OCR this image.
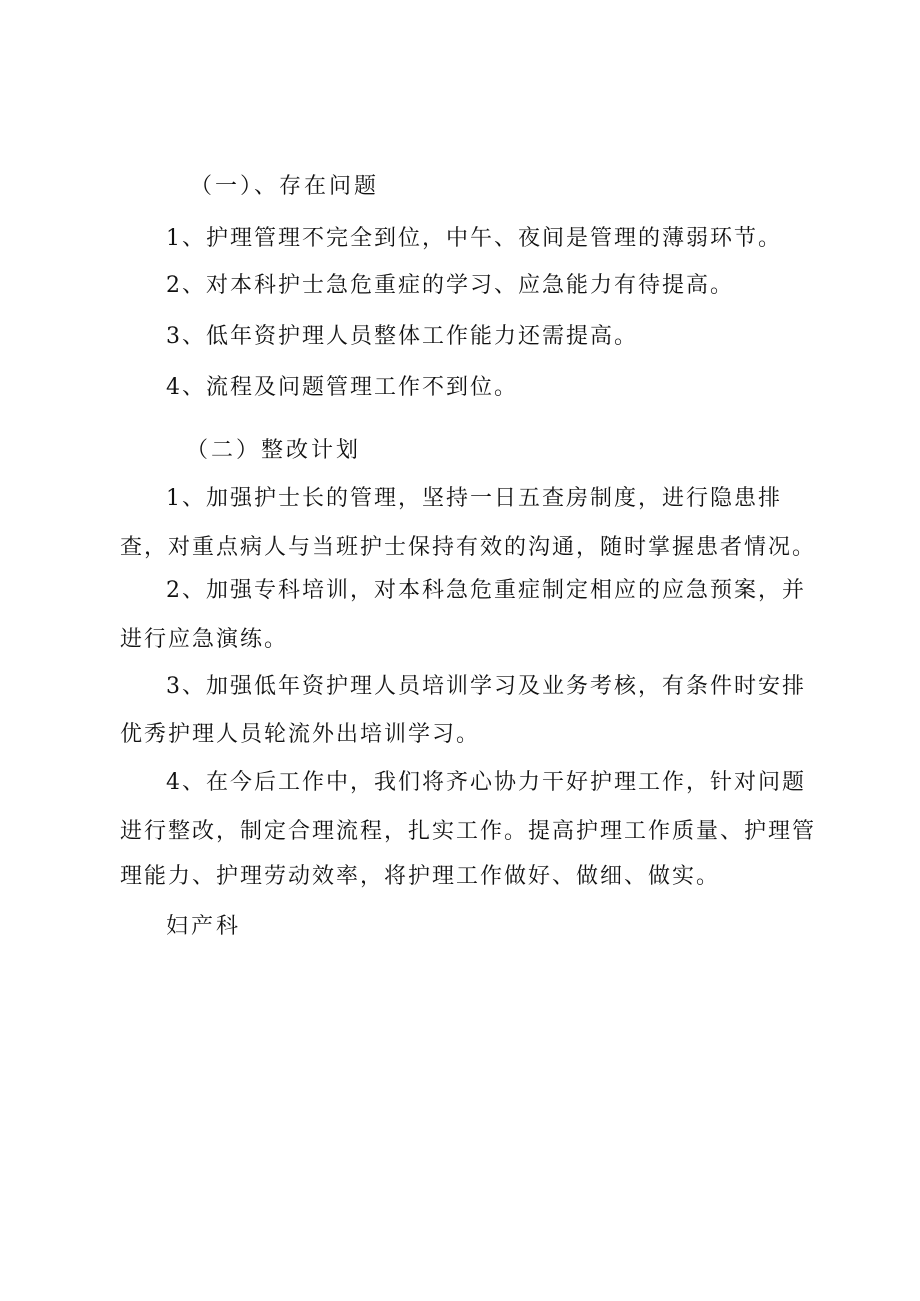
（一）、存在问题
1、护理管理不完全到位，中午、夜间是管理的薄弱环节。
2、对本科护士急危重症的学习、应急能力有待提高。
3、低年资护理人员整体工作能力还需提高。
4、流程及问题管理工作不到位。
（二）整改计划
1、加强护士长的管理，坚持一日五查房制度，进行隐患排
查，对重点病人与当班护士保持有效的沟通，随时掌握患者情况。
2、加强专科培训，对本科急危重症制定相应的应急预案，并
进行应急演练。
3、加强低年资护理人员培训学习及业务考核，有条件时安排
优秀护理人员轮流外出培训学习。
4、在今后工作中，我们将齐心协力干好护理工作，针对问题
进行整改，制定合理流程，扎实工作。提高护理工作质量、护理管
理能力、护理劳动效率，将护理工作做好、做细、做实。
妇产科
